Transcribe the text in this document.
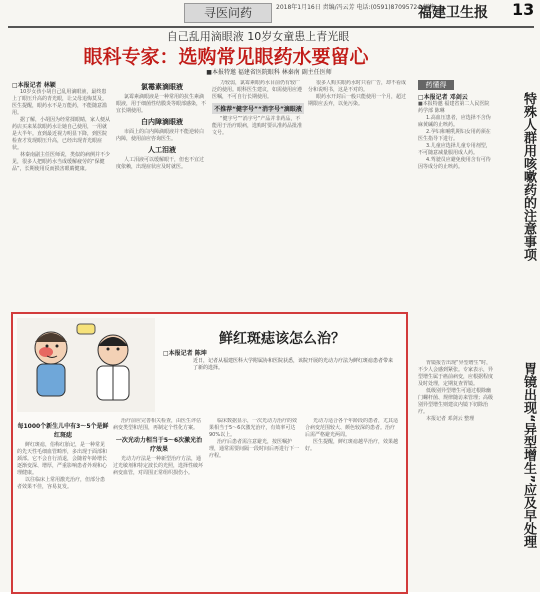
寻医问药	2018年1月16日 责编/冯云芳 电话:(0591)87095724 邮箱:
福建卫生报 13
自己乱用滴眼液 10岁女童患上青光眼
眼科专家：选购常见眼药水要留心
■本报特邀 福建省医院眼科 林秦南 副主任医师
□本报记者 林颖

10岁女孩小胡自己乱用滴眼液，最终患上了眼压升高的青光眼，让父母追悔莫及。医生提醒，眼药水不是万能药，不能随意滥用。

据了解，小胡因为经常揉眼睛，家人便从药店买来某款眼药水让她自己使用，一用就是大半年。直到最近视力明显下降，到医院检查才发现眼压升高，已经出现青光眼症状。

林秦南副主任医师说，类似的病例并不少见，很多人把眼药水当成缓解疲劳的“保健品”，长期使用反而损害眼睛健康。

氯霉素滴眼液

氯霉素滴眼液是一种常用的抗生素滴眼液，用于细菌性结膜炎等眼部感染，不宜长期使用。

白内障滴眼液

市面上的白内障滴眼液并不能逆转白内障，使用前应咨询医生。

人工泪液

人工泪液可以缓解眼干，但也不宜过度依赖，出现症状应及时就医。

力较弱，氯霉素眼药水目前仍有较广泛的使用。眼科医生建议，如需使用应遵医嘱，不可自行长期使用。

不推荐“健字号”“消字号”滴眼液

“健字号”“消字号”产品并非药品，不能用于治疗眼病，选购时要认准药品批准文号。

很多人购买眼药水时只看广告，却不看成分和说明书，这是不对的。

眼药水开封后一般只能使用一个月，超过期限应丢弃，以免污染。

药懂得
□本报记者 邓剑云
■本报特邀 福建省第二人民医院药学部 陈琳

1.高血压患者，应选择不含伪麻黄碱的止咳药。

2.孕妇和哺乳期妇女用药须在医生指导下进行。

3.儿童应选择儿童专用剂型，不可随意减量服用成人药。

4.驾驶员应避免使用含有可待因等成分的止咳药。	特殊人群用咳嗽药的注意事项

胃镜报告出现“异型增生”时，不少人会感到紧张。专家表示，异型增生属于癌前病变，应根据程度及时处理，定期复查胃镜。

低级别异型增生可通过根除幽门螺杆菌、规律随访来管理；高级别异型增生则建议内镜下切除治疗。

本报记者 邓剑云 整理	胃镜出现“异型增生”应及早处理
鲜红斑痣该怎么治？
□本报记者 陈坤
近日，记者从福建医科大学附属协和医院获悉，该院开展的光动力疗法为鲜红斑痣患者带来了新的选择。
每1000个新生儿中有3～5个是鲜红斑痣

鲜红斑痣，俗称红胎记，是一种常见的先天性毛细血管畸形，多出现于面部和颈部。它不会自行消退，会随着年龄增长逐渐变深、增厚，严重影响患者外观和心理健康。

以往临床上常用激光治疗，但部分患者效果不佳，容易复发。

治疗前应完善相关检查，由医生评估病变类型和范围，再制定个性化方案。

一次光动力相当于5～6次激光治疗效果

光动力疗法是一种新型治疗方法，通过光敏剂和特定波长的光照，选择性破坏病变血管，对周围正常组织损伤小。

临床数据显示，一次光动力治疗的效果相当于5～6次激光治疗，有效率可达90%以上。

治疗后患者需注意避光，按医嘱护理，通常需要间隔一段时间后再进行下一疗程。

光动力适合各个年龄段的患者，尤其适合病变范围较大、颜色较深的患者。治疗后需严格避光两周。

医生提醒，鲜红斑痣越早治疗，效果越好。
